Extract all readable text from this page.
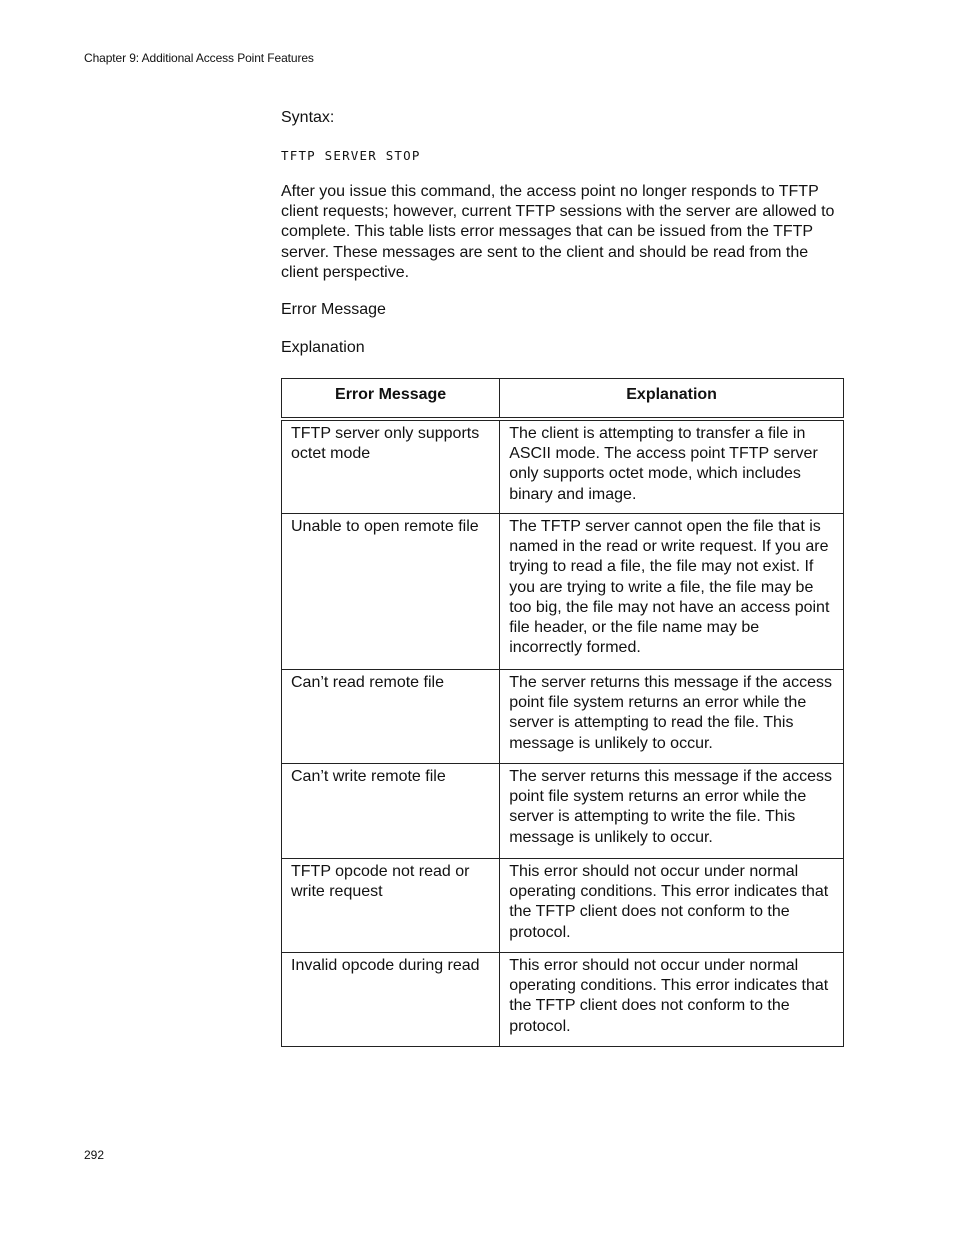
Chapter 9: Additional Access Point Features
Syntax:
TFTP SERVER STOP
After you issue this command, the access point no longer responds to TFTP client requests; however, current TFTP sessions with the server are allowed to complete. This table lists error messages that can be issued from the TFTP server. These messages are sent to the client and should be read from the client perspective.
Error Message
Explanation
Error Message	Explanation
TFTP server only supports octet mode	The client is attempting to transfer a file in ASCII mode. The access point TFTP server only supports octet mode, which includes binary and image.
Unable to open remote file	The TFTP server cannot open the file that is named in the read or write request. If you are trying to read a file, the file may not exist. If you are trying to write a file, the file may be too big, the file may not have an access point file header, or the file name may be incorrectly formed.
Can’t read remote file	The server returns this message if the access point file system returns an error while the server is attempting to read the file. This message is unlikely to occur.
Can’t write remote file	The server returns this message if the access point file system returns an error while the server is attempting to write the file. This message is unlikely to occur.
TFTP opcode not read or write request	This error should not occur under normal operating conditions. This error indicates that the TFTP client does not conform to the protocol.
Invalid opcode during read	This error should not occur under normal operating conditions. This error indicates that the TFTP client does not conform to the protocol.
292
